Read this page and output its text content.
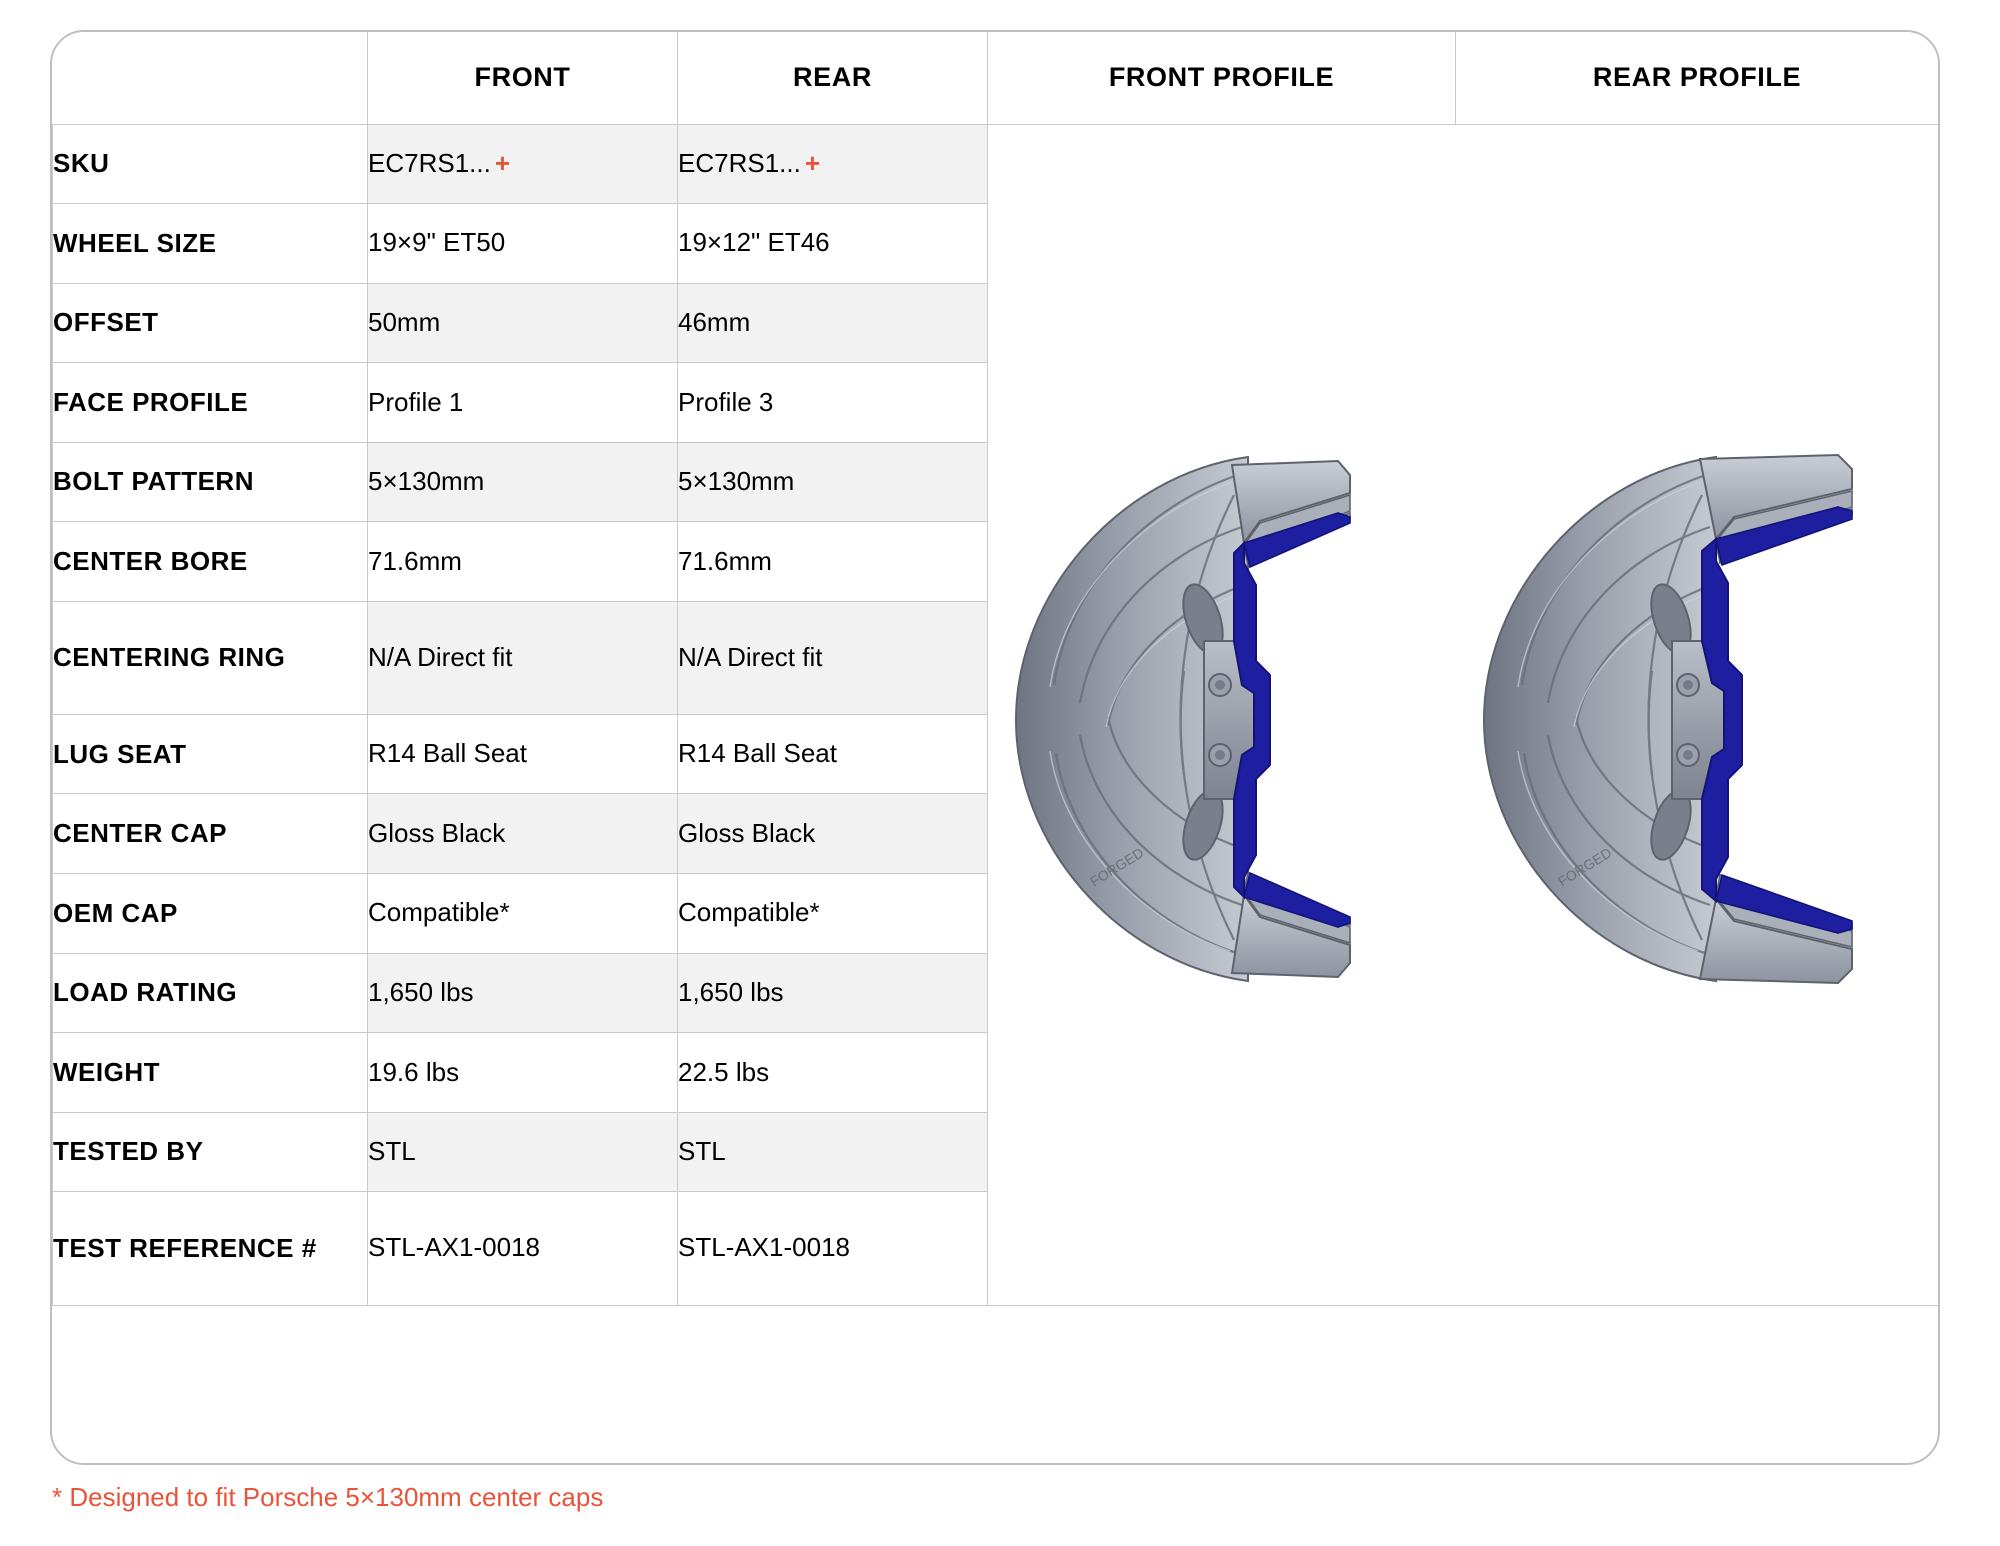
	FRONT	REAR	FRONT PROFILE	REAR PROFILE
SKU	EC7RS1... +	EC7RS1... +	FORGED FORGED	

WHEEL SIZE	19×9" ET50	19×12" ET46		
OFFSET	50mm	46mm		
FACE PROFILE	Profile 1	Profile 3		
BOLT PATTERN	5×130mm	5×130mm		
CENTER BORE	71.6mm	71.6mm		
CENTERING RING	N/A Direct fit	N/A Direct fit		
LUG SEAT	R14 Ball Seat	R14 Ball Seat		
CENTER CAP	Gloss Black	Gloss Black		
OEM CAP	Compatible*	Compatible*		
LOAD RATING	1,650 lbs	1,650 lbs		
WEIGHT	19.6 lbs	22.5 lbs		
TESTED BY	STL	STL		
TEST REFERENCE #	STL-AX1-0018	STL-AX1-0018		
* Designed to fit Porsche 5×130mm center caps
